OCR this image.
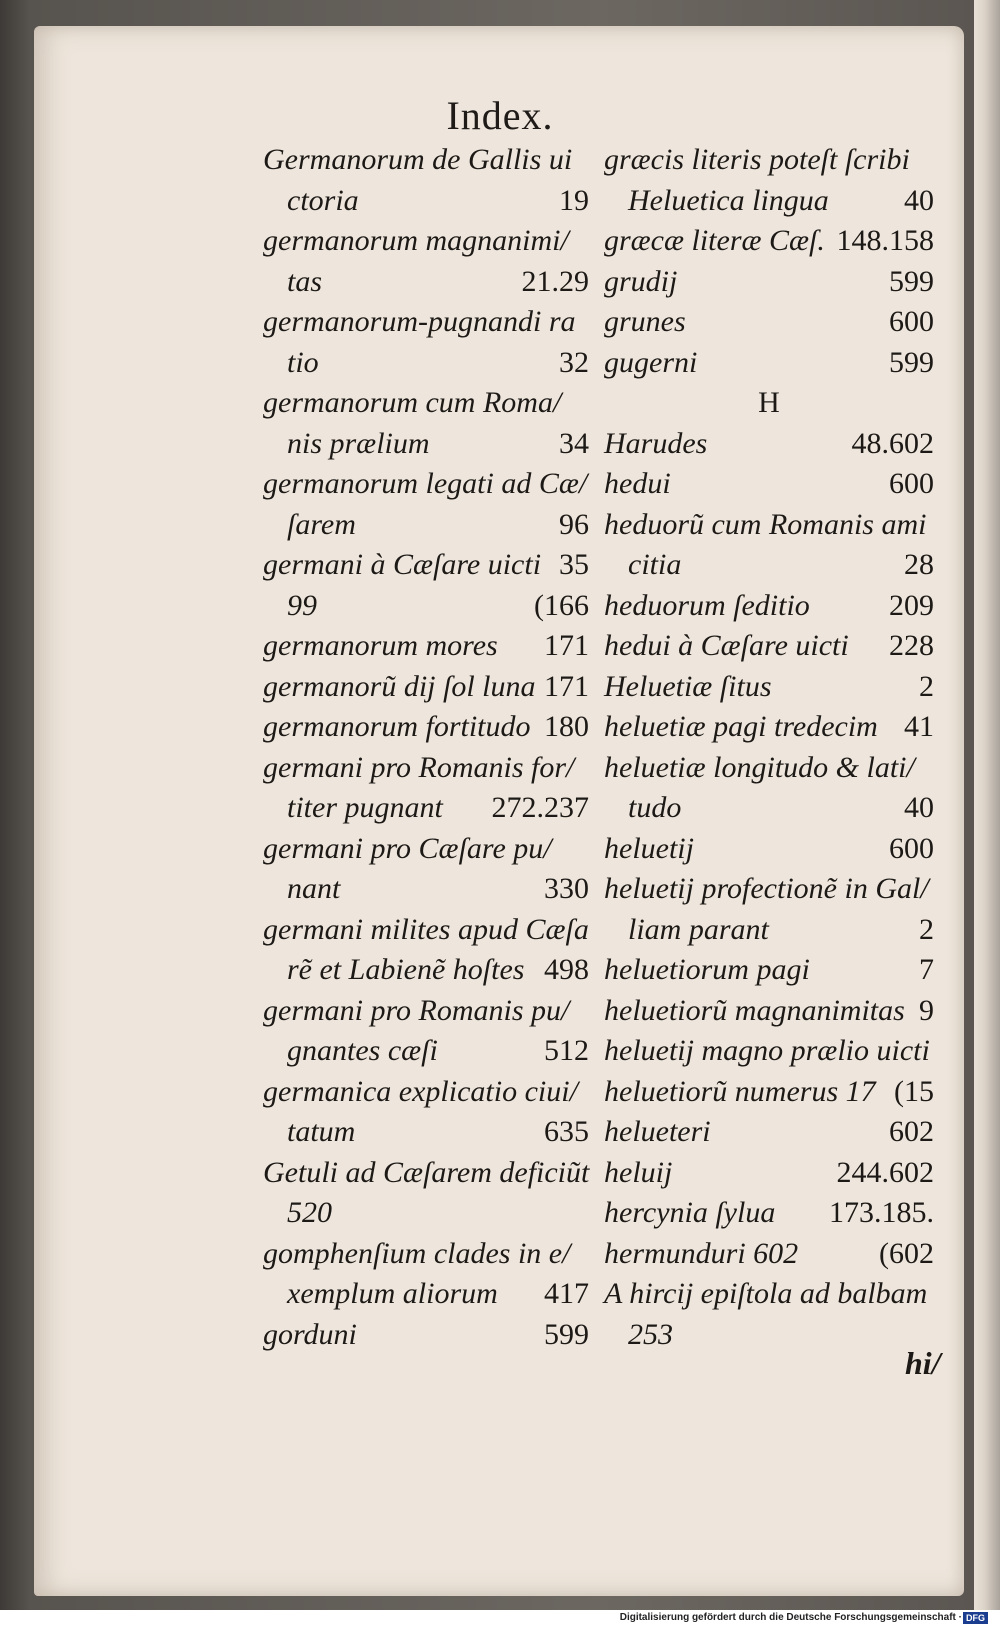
Index.
Germanorum de Gallis ui
ctoria	19
germanorum magnanimi/
tas	21.29
germanorum-pugnandi ra
tio	32
germanorum cum Roma/
nis prælium	34
germanorum legati ad Cæ/
ſarem	96
germani à Cæſare uicti 35
99	(166
germanorum mores 171
germanorũ dij ſol luna 171
germanorum fortitudo 180
germani pro Romanis for/
titer pugnant 272.237
germani pro Cæſare pu/
nant	330
germani milites apud Cæſa
rẽ et Labienẽ hoſtes 498
germani pro Romanis pu/
gnantes cæſi	512
germanica explicatio ciui/
tatum	635
Getuli ad Cæſarem deficiũt
520
gomphenſium clades in e/
xemplum aliorum 417
gorduni	599
græcis literis poteſt ſcribi
Heluetica lingua	40
græcæ literæ Cæſ. 148.158
grudij	599
grunes	600
gugerni	599
H
Harudes	48.602
hedui	600
heduorũ cum Romanis ami
citia	28
heduorum ſeditio	209
hedui à Cæſare uicti 228
Heluetiæ ſitus	2
heluetiæ pagi tredecim 41
heluetiæ longitudo & lati/
tudo	40
heluetij	600
heluetij profectionẽ in Gal/
liam parant	2
heluetiorum pagi	7
heluetiorũ magnanimitas 9
heluetij magno prælio uicti
heluetiorũ numerus 17 (15
helueteri	602
heluij	244.602
hercynia ſylua 173.185.
hermunduri 602	(602
A hircij epiſtola ad balbam
253
hi/
Digitalisierung gefördert durch die Deutsche Forschungsgemeinschaft · DFG
